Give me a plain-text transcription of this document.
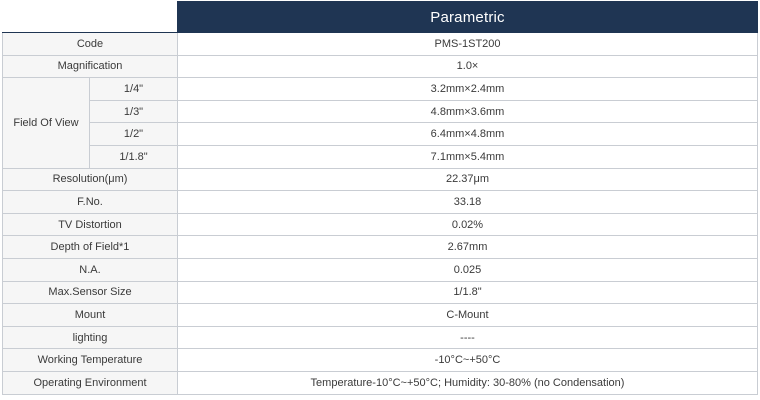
		Parametric
Code		PMS-1ST200
Magnification		1.0×
Field Of View	1/4"	3.2mm×2.4mm
	1/3"	4.8mm×3.6mm
	1/2"	6.4mm×4.8mm
	1/1.8"	7.1mm×5.4mm
Resolution(μm)		22.37μm
F.No.		33.18
TV Distortion		0.02%
Depth of Field*1		2.67mm
N.A.		0.025
Max.Sensor Size		1/1.8"
Mount		C-Mount
lighting		----
Working Temperature		-10°C~+50°C
Operating Environment		Temperature-10°C~+50°C; Humidity: 30-80% (no Condensation)
